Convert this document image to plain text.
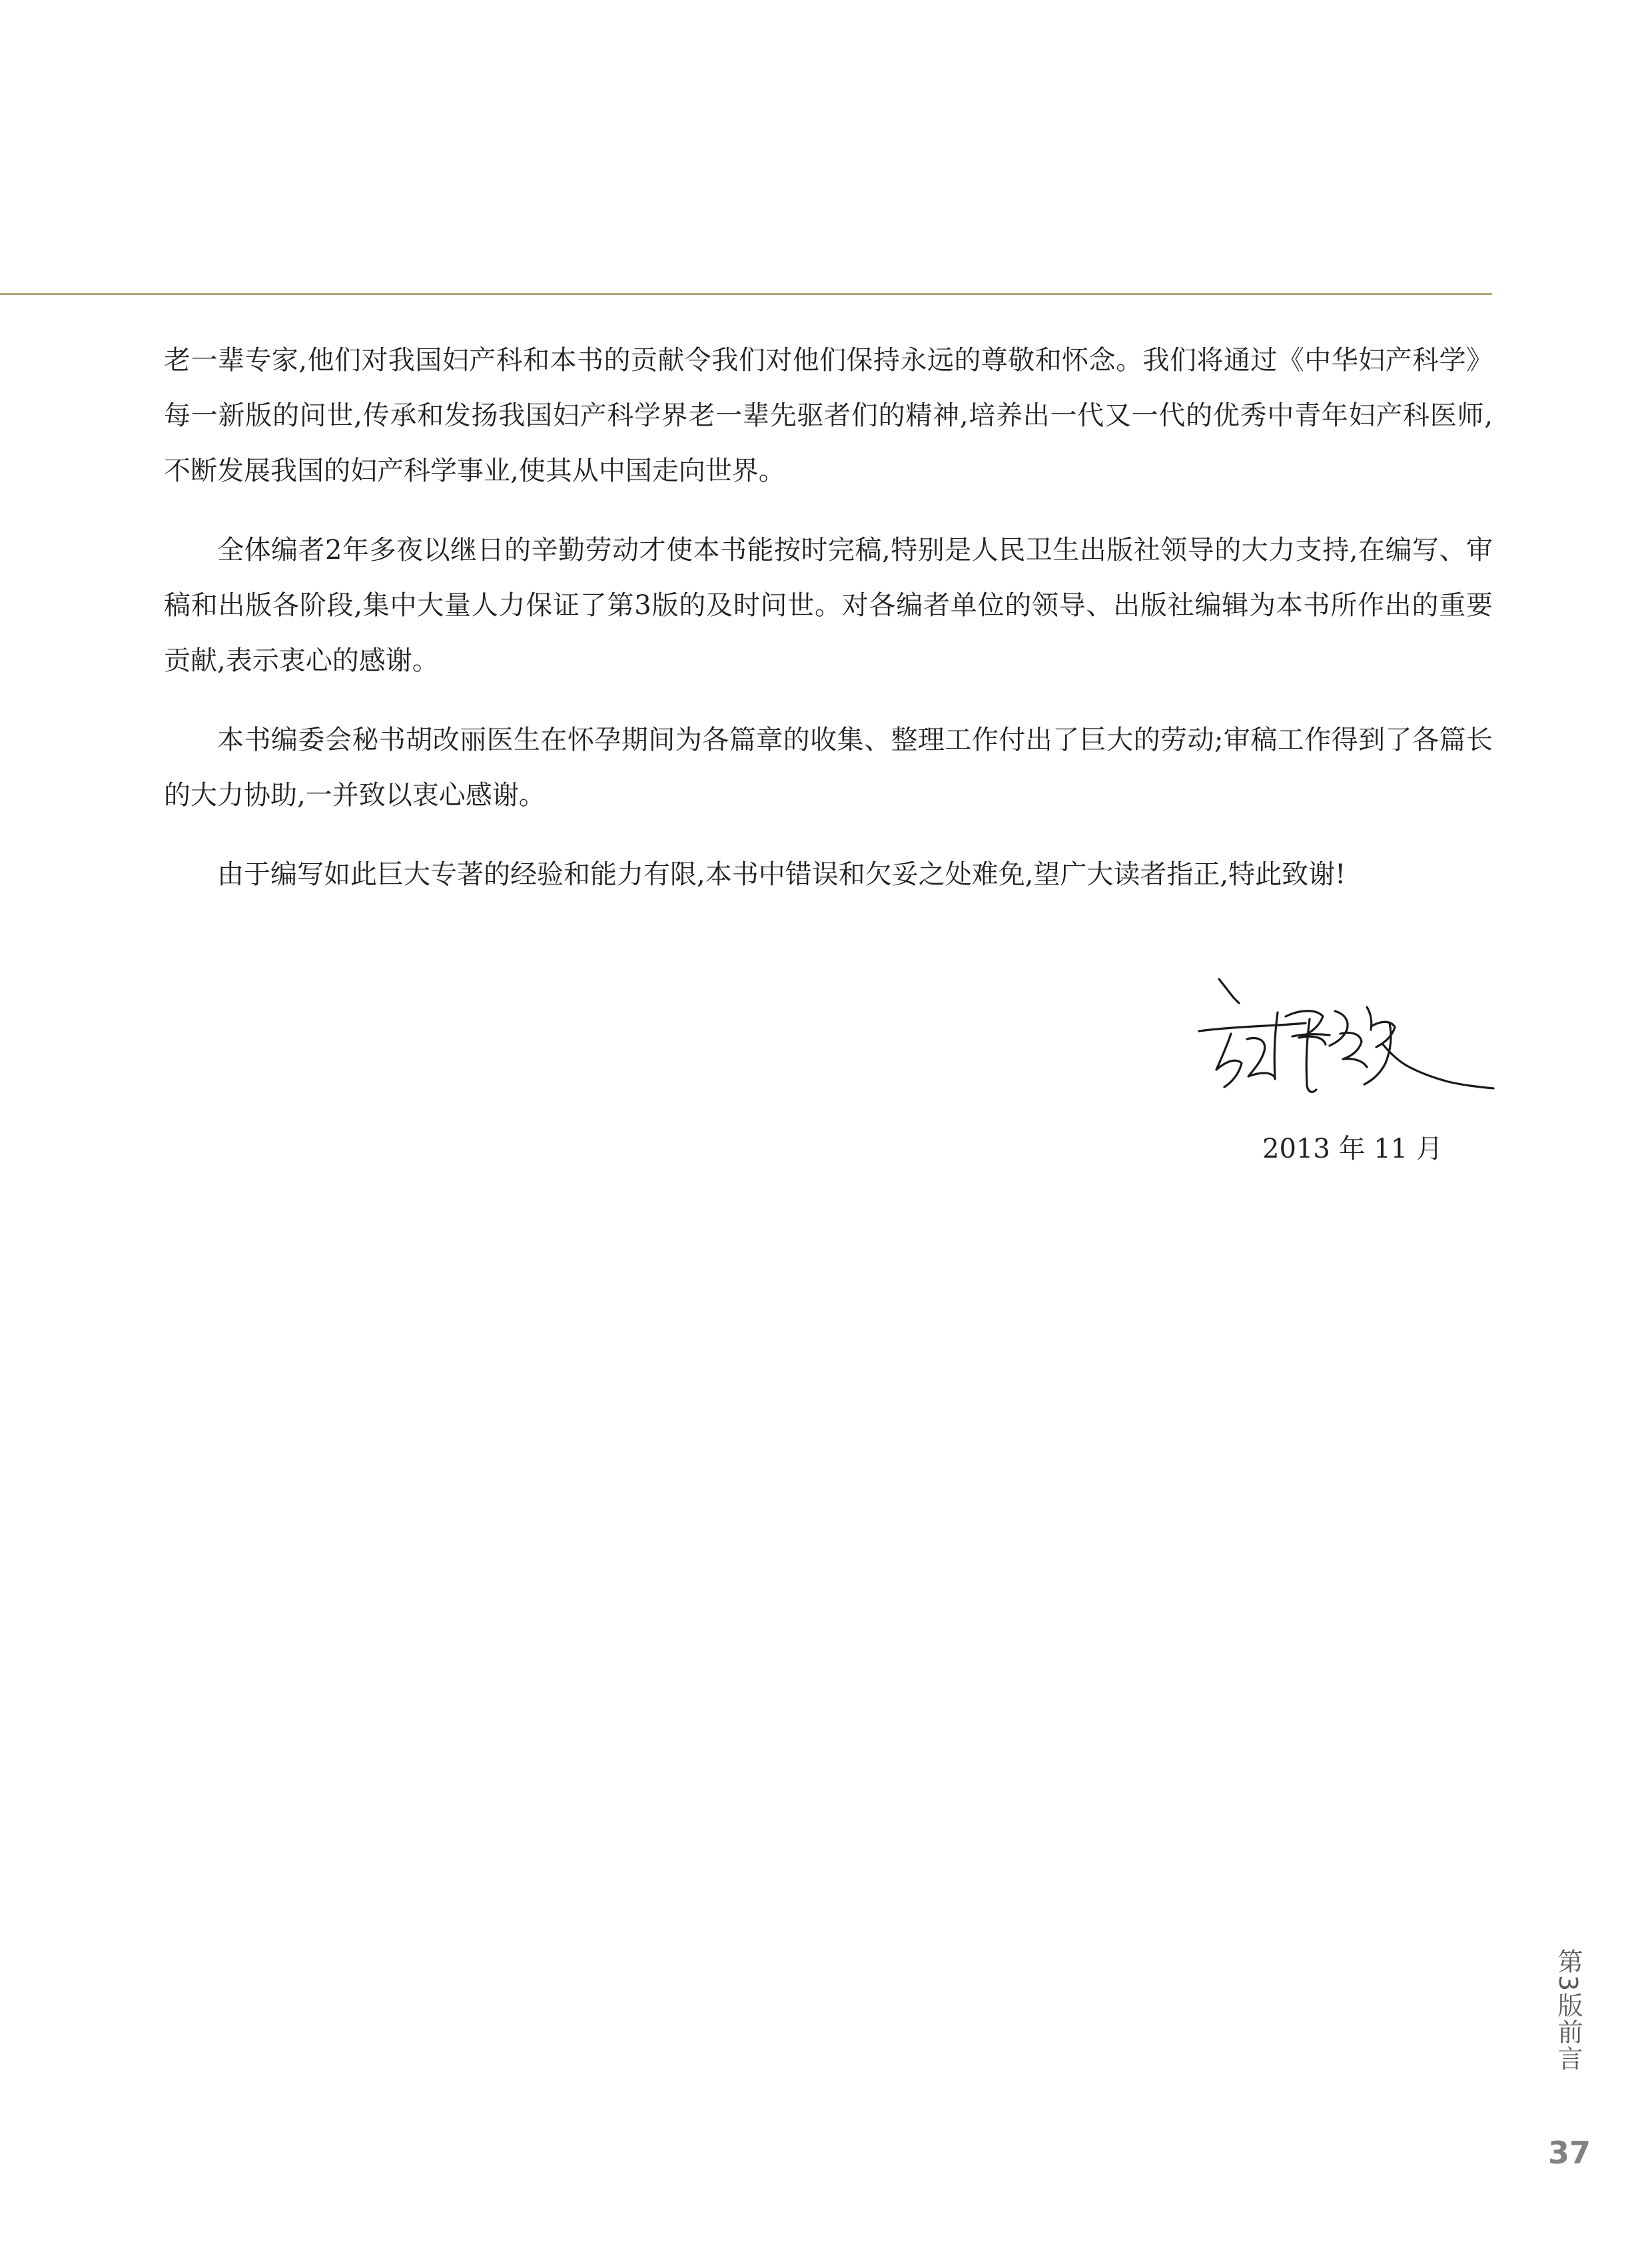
老一辈专家,他们对我国妇产科和本书的贡献令我们对他们保持永远的尊敬和怀念。我们将通过《中华妇产科学》每一新版的问世,传承和发扬我国妇产科学界老一辈先驱者们的精神,培养出一代又一代的优秀中青年妇产科医师,不断发展我国的妇产科学事业,使其从中国走向世界。

全体编者2年多夜以继日的辛勤劳动才使本书能按时完稿,特别是人民卫生出版社领导的大力支持,在编写、审稿和出版各阶段,集中大量人力保证了第3版的及时问世。对各编者单位的领导、出版社编辑为本书所作出的重要贡献,表示衷心的感谢。

本书编委会秘书胡改丽医生在怀孕期间为各篇章的收集、整理工作付出了巨大的劳动;审稿工作得到了各篇长的大力协助,一并致以衷心感谢。

由于编写如此巨大专著的经验和能力有限,本书中错误和欠妥之处难免,望广大读者指正,特此致谢!

2013 年 11 月
第3版前言
37
